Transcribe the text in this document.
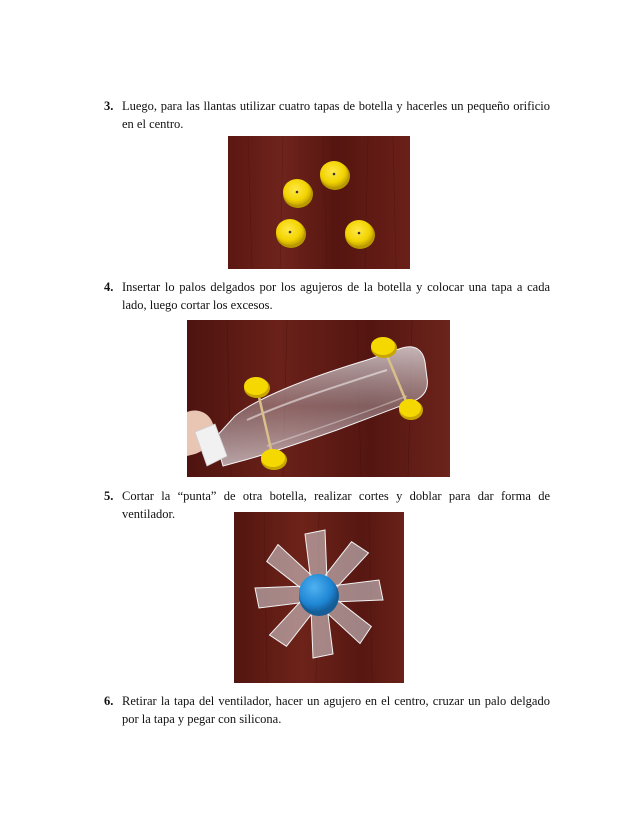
3. Luego, para las llantas utilizar cuatro tapas de botella y hacerles un pequeño orificio en el centro.
4. Insertar lo palos delgados por los agujeros de la botella y colocar una tapa a cada lado, luego cortar los excesos.
5. Cortar la “punta” de otra botella, realizar cortes y doblar para dar forma de ventilador.
6. Retirar la tapa del ventilador, hacer un agujero en el centro, cruzar un palo delgado por la tapa y pegar con silicona.
